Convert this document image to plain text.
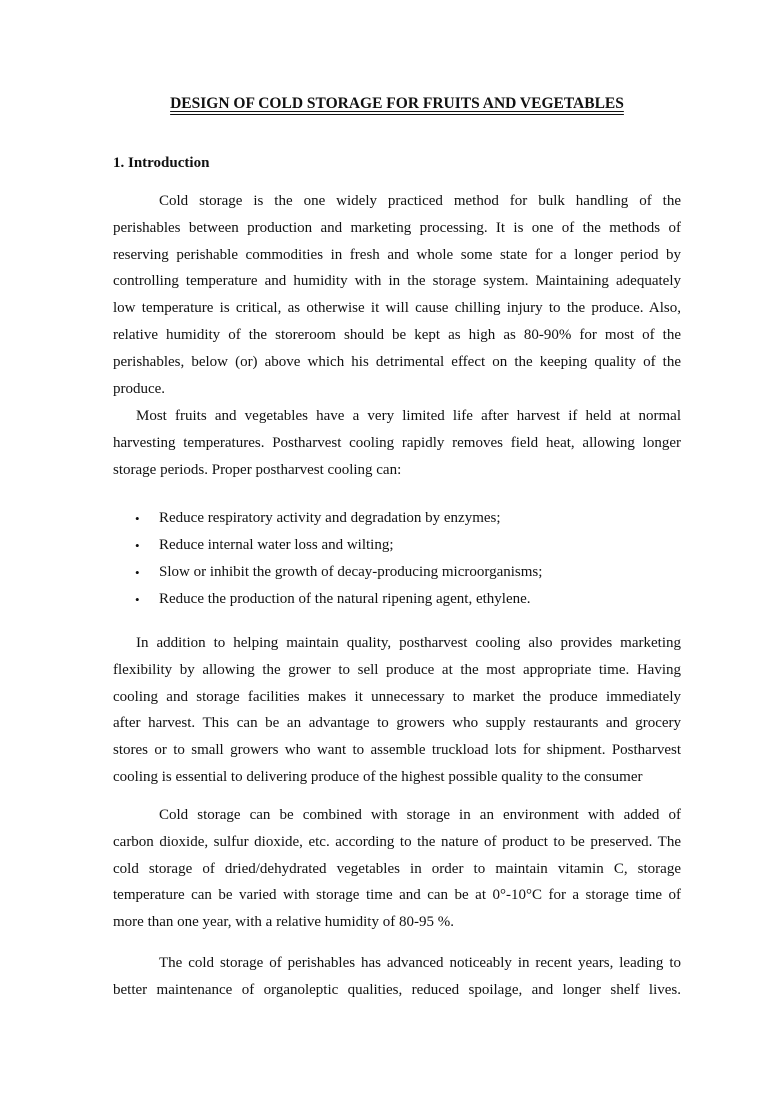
DESIGN OF COLD STORAGE FOR FRUITS AND VEGETABLES
1. Introduction

Cold storage is the one widely practiced method for bulk handling of the
perishables between production and marketing processing. It is one of the methods of
reserving perishable commodities in fresh and whole some state for a longer period by
controlling temperature and humidity with in the storage system. Maintaining adequately
low temperature is critical, as otherwise it will cause chilling injury to the produce. Also,
relative humidity of the storeroom should be kept as high as 80-90% for most of the
perishables, below (or) above which his detrimental effect on the keeping quality of the
produce.

Most fruits and vegetables have a very limited life after harvest if held at normal
harvesting temperatures. Postharvest cooling rapidly removes field heat, allowing longer
storage periods. Proper postharvest cooling can:

• Reduce respiratory activity and degradation by enzymes;
• Reduce internal water loss and wilting;
• Slow or inhibit the growth of decay-producing microorganisms;
• Reduce the production of the natural ripening agent, ethylene.

In addition to helping maintain quality, postharvest cooling also provides marketing
flexibility by allowing the grower to sell produce at the most appropriate time. Having
cooling and storage facilities makes it unnecessary to market the produce immediately
after harvest. This can be an advantage to growers who supply restaurants and grocery
stores or to small growers who want to assemble truckload lots for shipment. Postharvest
cooling is essential to delivering produce of the highest possible quality to the consumer

Cold storage can be combined with storage in an environment with added of
carbon dioxide, sulfur dioxide, etc. according to the nature of product to be preserved. The
cold storage of dried/dehydrated vegetables in order to maintain vitamin C, storage
temperature can be varied with storage time and can be at 0°-10°C for a storage time of
more than one year, with a relative humidity of 80-95 %.

The cold storage of perishables has advanced noticeably in recent years, leading to
better maintenance of organoleptic qualities, reduced spoilage, and longer shelf lives.
